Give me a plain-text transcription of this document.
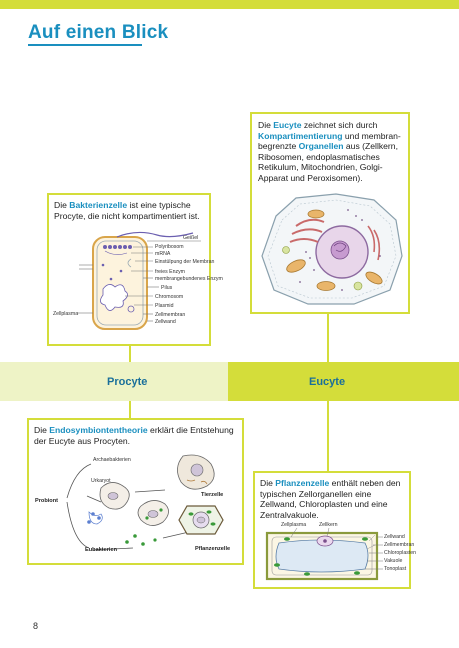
Auf einen Blick
Die Eucyte zeichnet sich durch Kompartimentierung und membran-begrenzte Organellen aus (Zellkern, Ribosomen, endoplasmatisches Retikulum, Mitochondrien, Golgi-Apparat und Peroxisomen).
Die Bakterienzelle ist eine typische Procyte, die nicht kompartimentiert ist.
Geißel
Polyribosom
mRNA
Einstülpung der Membran
freies Enzym
membrangebundenes Enzym
Pilus
Chromosom
Plasmid
Zellmembran
Zellwand
Zellplasma
Procyte	Eucyte
Die Endosymbiontentheorie erklärt die Entstehung der Eucyte aus Procyten.
Archaebakterien
Urkaryot
Probiont
Tierzelle
Eubakterien	Pflanzenzelle
Die Pflanzenzelle enthält neben den typischen Zellorganellen eine Zellwand, Chloroplasten und eine Zentralvakuole.
Zellplasma Zellkern
Zellwand
Zellmembran
Chloroplasten
Vakuole
Tonoplast
8
